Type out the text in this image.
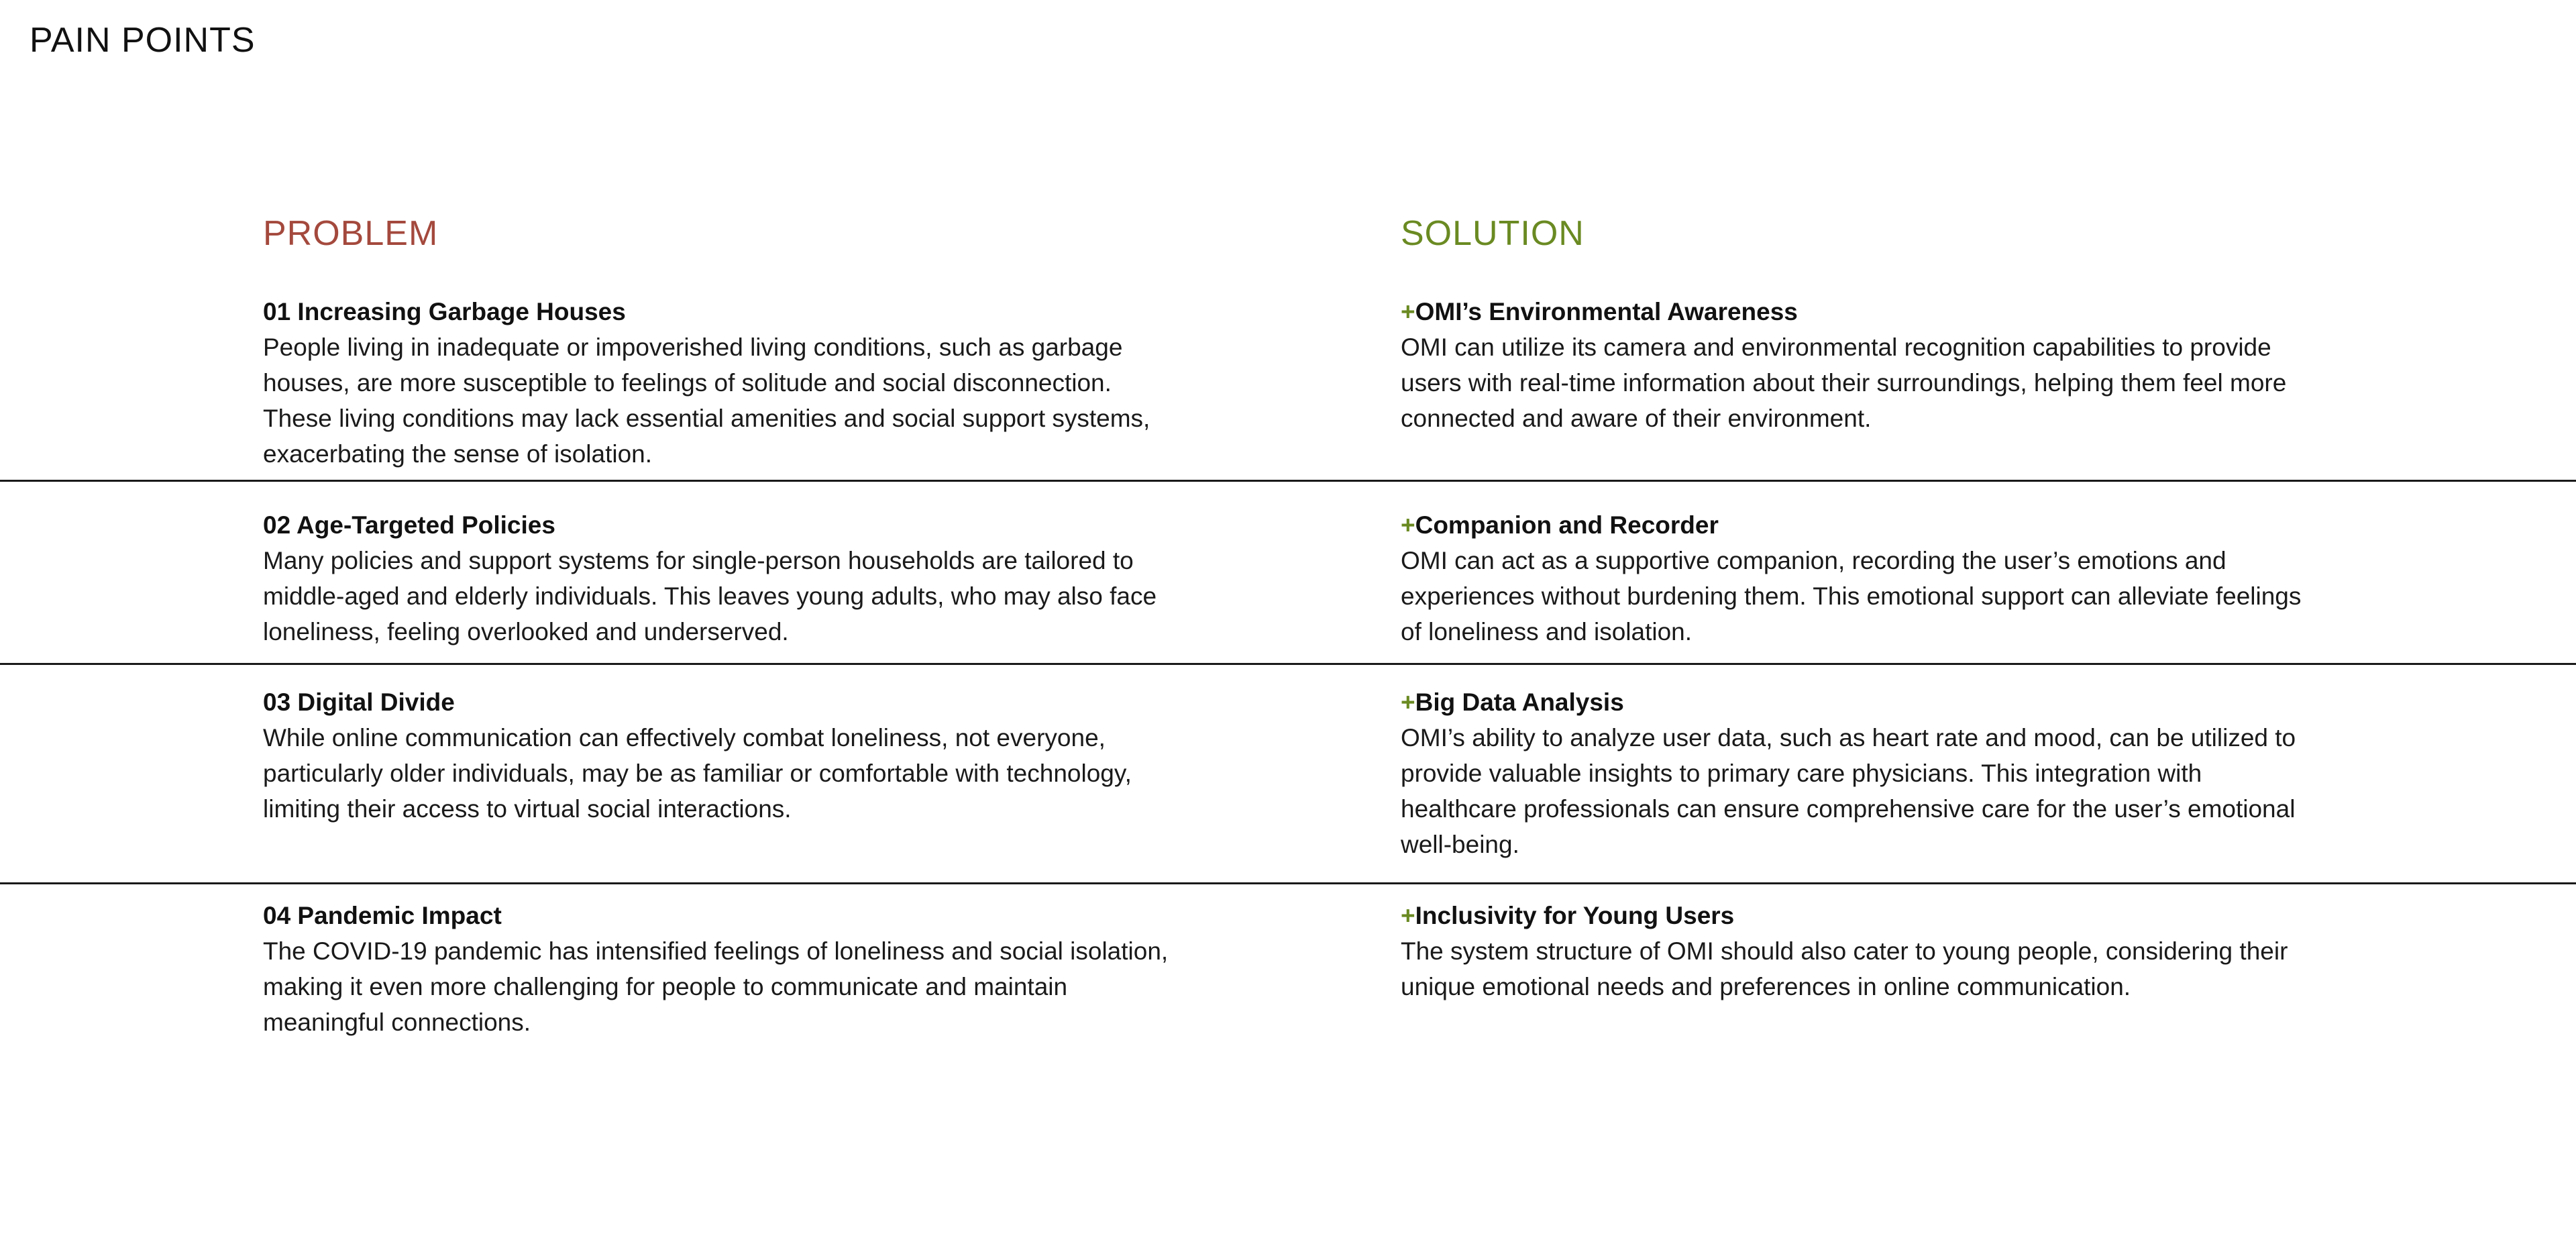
PAIN POINTS
PROBLEM	SOLUTION
01 Increasing Garbage Houses
People living in inadequate or impoverished living conditions, such as garbage houses, are more susceptible to feelings of solitude and social disconnection. These living conditions may lack essential amenities and social support systems, exacerbating the sense of isolation.
+OMI’s Environmental Awareness
OMI can utilize its camera and environmental recognition capabilities to provide users with real-time information about their surroundings, helping them feel more connected and aware of their environment.
02 Age-Targeted Policies
Many policies and support systems for single-person households are tailored to middle-aged and elderly individuals. This leaves young adults, who may also face loneliness, feeling overlooked and underserved.
+Companion and Recorder
OMI can act as a supportive companion, recording the user’s emotions and experiences without burdening them. This emotional support can alleviate feelings of loneliness and isolation.
03 Digital Divide
While online communication can effectively combat loneliness, not everyone, particularly older individuals, may be as familiar or comfortable with technology, limiting their access to virtual social interactions.
+Big Data Analysis
OMI’s ability to analyze user data, such as heart rate and mood, can be utilized to provide valuable insights to primary care physicians. This integration with healthcare professionals can ensure comprehensive care for the user’s emotional well-being.
04 Pandemic Impact
The COVID-19 pandemic has intensified feelings of loneliness and social isolation, making it even more challenging for people to communicate and maintain meaningful connections.
+Inclusivity for Young Users
The system structure of OMI should also cater to young people, considering their unique emotional needs and preferences in online communication.
